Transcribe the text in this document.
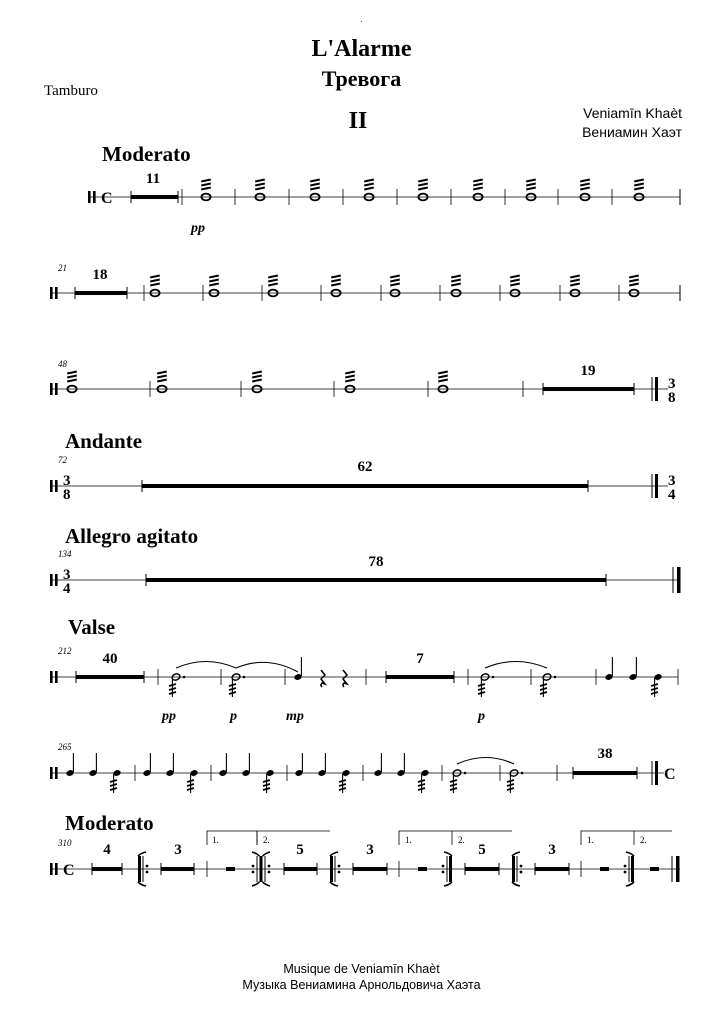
.
L'Alarme
Тревога
II
Tamburo
Veniamīn Khaèt
Вениамин Хаэт
Moderato
C
11
pp
21 18
48	19
3
8
Andante
72
3
8
62
3
4
Allegro agitato
134
3
4
78
Valse
212 40	7
pp	p	mp	p
265	38
C
Moderato
310
C
4	3	5
1.	2.
3	5
1.	2.
3
1.	2.
Musique de Veniamīn Khaèt
Музыка Вениамина Арнольдовича Хаэта
